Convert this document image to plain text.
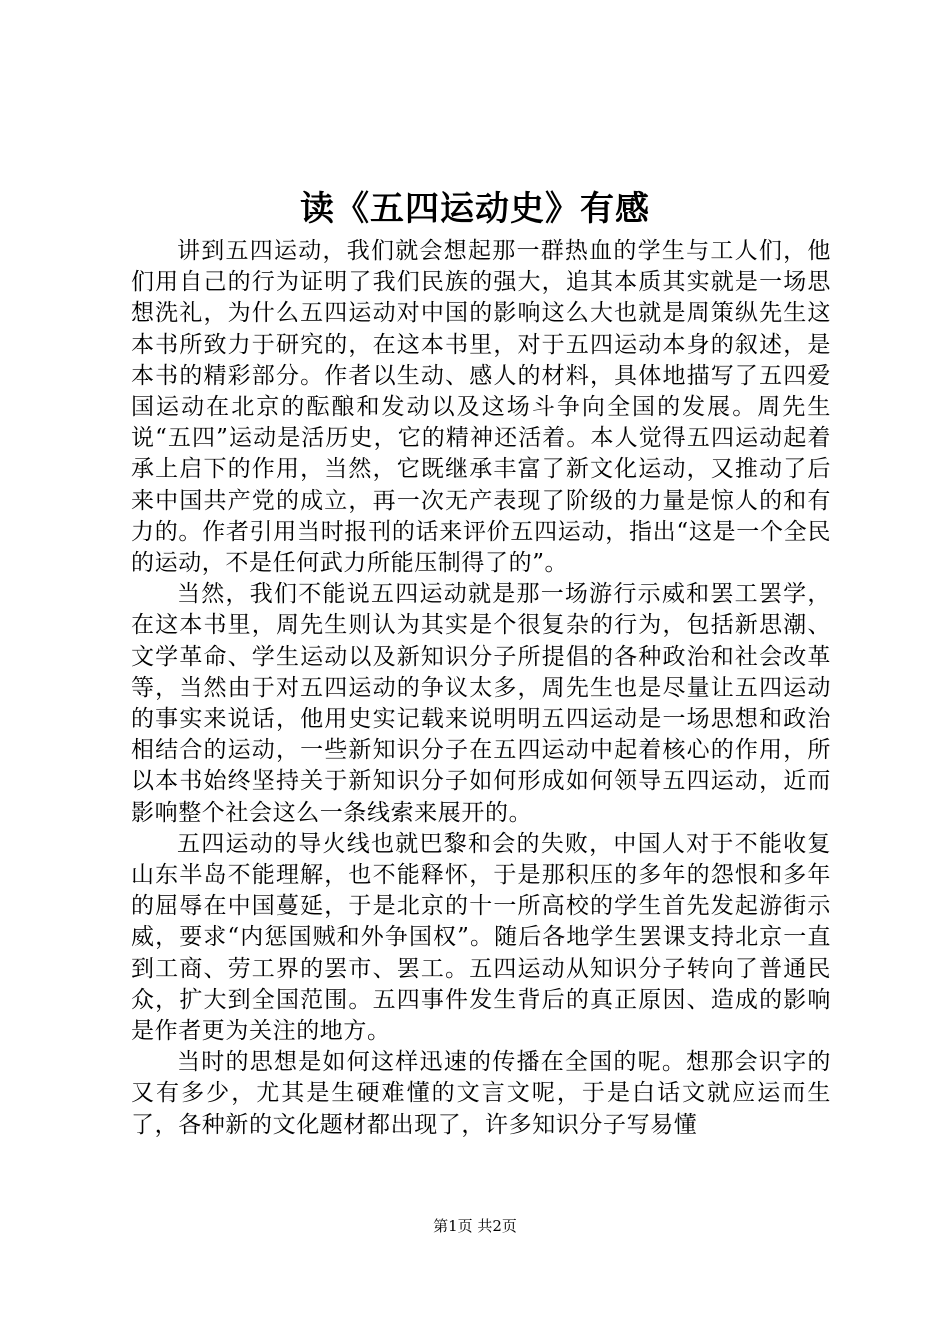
读《五四运动史》有感

讲到五四运动，我们就会想起那一群热血的学生与工人们，他们用自己的行为证明了我们民族的强大，追其本质其实就是一场思想洗礼，为什么五四运动对中国的影响这么大也就是周策纵先生这本书所致力于研究的，在这本书里，对于五四运动本身的叙述，是本书的精彩部分。作者以生动、感人的材料，具体地描写了五四爱国运动在北京的酝酿和发动以及这场斗争向全国的发展。周先生说“五四”运动是活历史，它的精神还活着。本人觉得五四运动起着承上启下的作用，当然，它既继承丰富了新文化运动，又推动了后来中国共产党的成立，再一次无产表现了阶级的力量是惊人的和有力的。作者引用当时报刊的话来评价五四运动，指出“这是一个全民的运动，不是任何武力所能压制得了的”。

当然，我们不能说五四运动就是那一场游行示威和罢工罢学，在这本书里，周先生则认为其实是个很复杂的行为，包括新思潮、文学革命、学生运动以及新知识分子所提倡的各种政治和社会改革等，当然由于对五四运动的争议太多，周先生也是尽量让五四运动的事实来说话，他用史实记载来说明明五四运动是一场思想和政治相结合的运动，一些新知识分子在五四运动中起着核心的作用，所以本书始终坚持关于新知识分子如何形成如何领导五四运动，近而影响整个社会这么一条线索来展开的。

五四运动的导火线也就巴黎和会的失败，中国人对于不能收复山东半岛不能理解，也不能释怀，于是那积压的多年的怨恨和多年的屈辱在中国蔓延，于是北京的十一所高校的学生首先发起游街示威，要求“内惩国贼和外争国权”。随后各地学生罢课支持北京一直到工商、劳工界的罢市、罢工。五四运动从知识分子转向了普通民众，扩大到全国范围。五四事件发生背后的真正原因、造成的影响是作者更为关注的地方。

当时的思想是如何这样迅速的传播在全国的呢。想那会识字的又有多少，尤其是生硬难懂的文言文呢，于是白话文就应运而生了，各种新的文化题材都出现了，许多知识分子写易懂

第1页 共2页
